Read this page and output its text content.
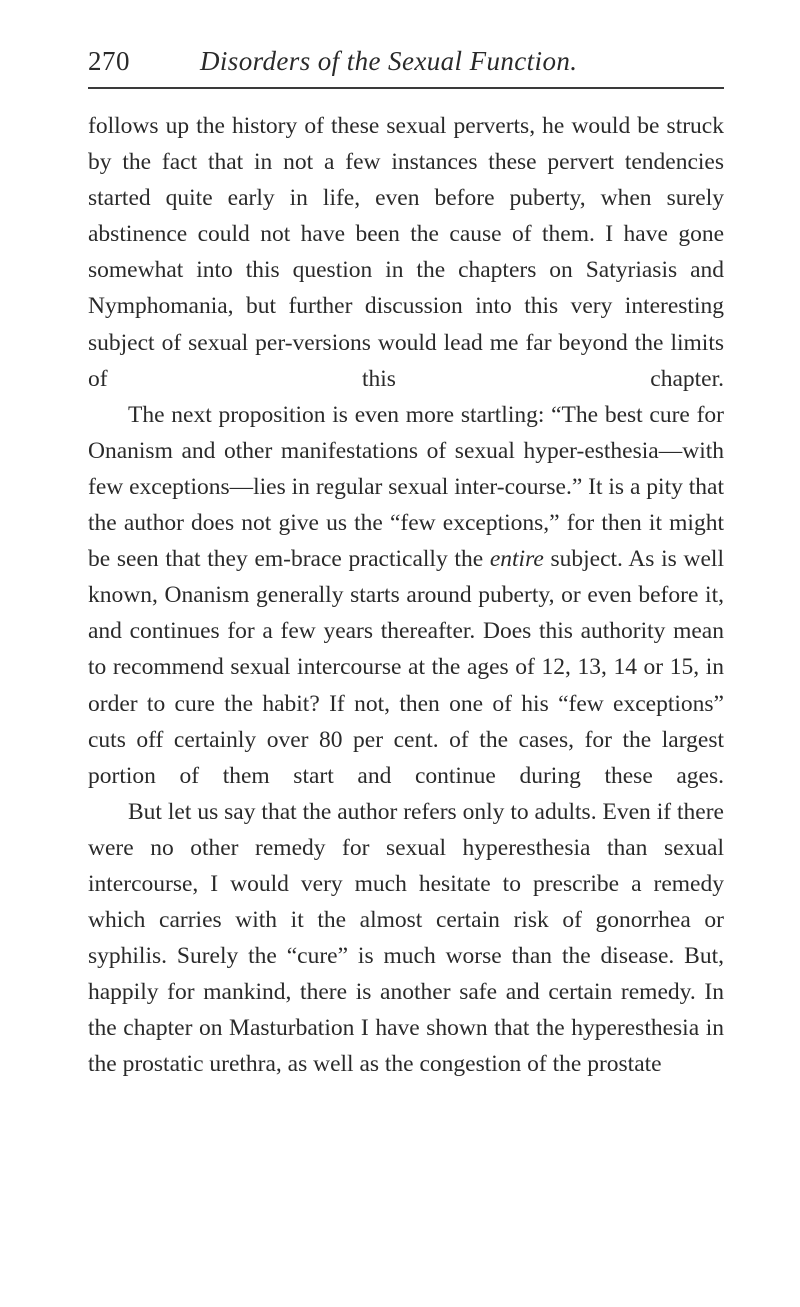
270	Disorders of the Sexual Function.

follows up the history of these sexual perverts, he would be struck by the fact that in not a few instances these pervert tendencies started quite early in life, even before puberty, when surely abstinence could not have been the cause of them. I have gone somewhat into this question in the chapters on Satyriasis and Nymphomania, but further discussion into this very interesting subject of sexual per-versions would lead me far beyond the limits of this chapter.

The next proposition is even more startling: “The best cure for Onanism and other manifestations of sexual hyper-esthesia—with few exceptions—lies in regular sexual inter-course.” It is a pity that the author does not give us the “few exceptions,” for then it might be seen that they em-brace practically the entire subject. As is well known, Onanism generally starts around puberty, or even before it, and continues for a few years thereafter. Does this authority mean to recommend sexual intercourse at the ages of 12, 13, 14 or 15, in order to cure the habit? If not, then one of his “few exceptions” cuts off certainly over 80 per cent. of the cases, for the largest portion of them start and continue during these ages.

But let us say that the author refers only to adults. Even if there were no other remedy for sexual hyperesthesia than sexual intercourse, I would very much hesitate to prescribe a remedy which carries with it the almost certain risk of gonorrhea or syphilis. Surely the “cure” is much worse than the disease. But, happily for mankind, there is another safe and certain remedy. In the chapter on Masturbation I have shown that the hyperesthesia in the prostatic urethra, as well as the congestion of the prostate
